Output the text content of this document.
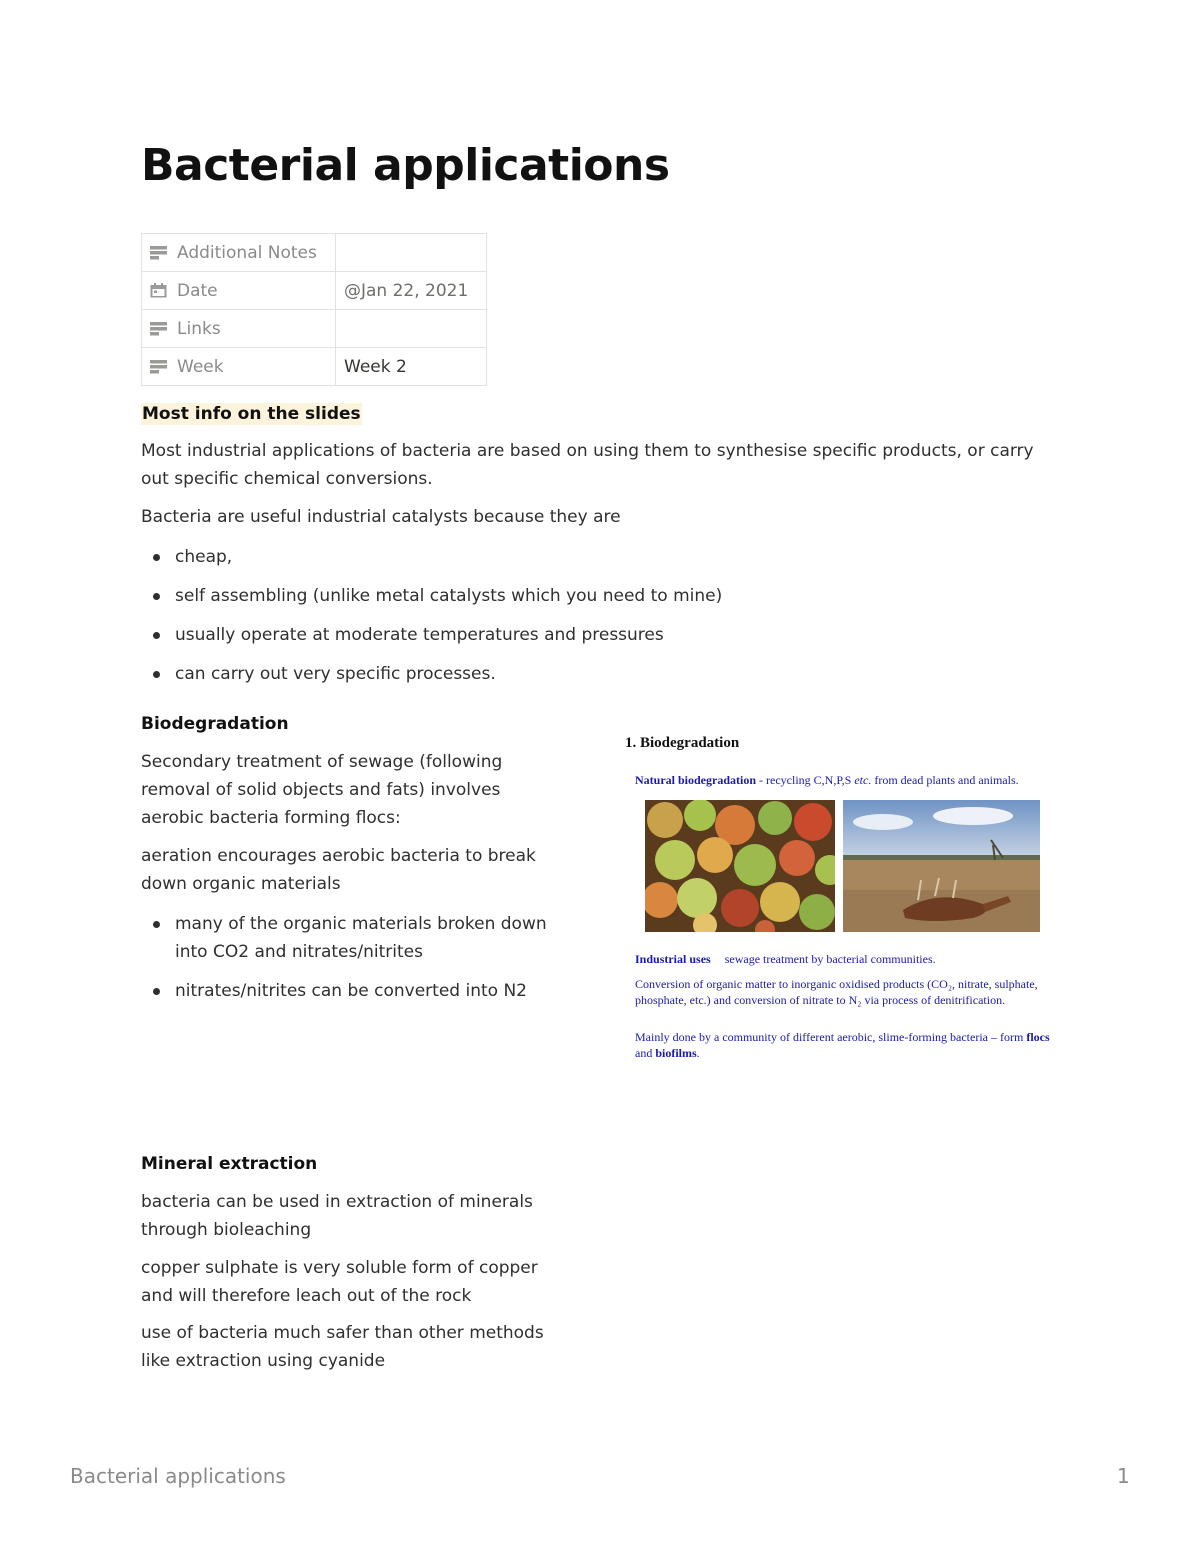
Bacterial applications
Additional Notes	

Date	@Jan 22, 2021

Links	

Week	Week 2
Most info on the slides
Most industrial applications of bacteria are based on using them to synthesise specific products, or carry out specific chemical conversions.
Bacteria are useful industrial catalysts because they are
cheap,
self assembling (unlike metal catalysts which you need to mine)
usually operate at moderate temperatures and pressures
can carry out very specific processes.
Biodegradation
Secondary treatment of sewage (following removal of solid objects and fats) involves aerobic bacteria forming flocs:
aeration encourages aerobic bacteria to break down organic materials
many of the organic materials broken down into CO2 and nitrates/nitrites
nitrates/nitrites can be converted into N2
1. Biodegradation
Natural biodegradation - recycling C,N,P,S etc. from dead plants and animals.
Industrial uses sewage treatment by bacterial communities.
Conversion of organic matter to inorganic oxidised products (CO₂, nitrate, sulphate, phosphate, etc.) and conversion of nitrate to N₂ via process of denitrification.
Mainly done by a community of different aerobic, slime-forming bacteria – form flocs and biofilms.
Mineral extraction
bacteria can be used in extraction of minerals through bioleaching
copper sulphate is very soluble form of copper and will therefore leach out of the rock
use of bacteria much safer than other methods like extraction using cyanide
Bacterial applications	1
